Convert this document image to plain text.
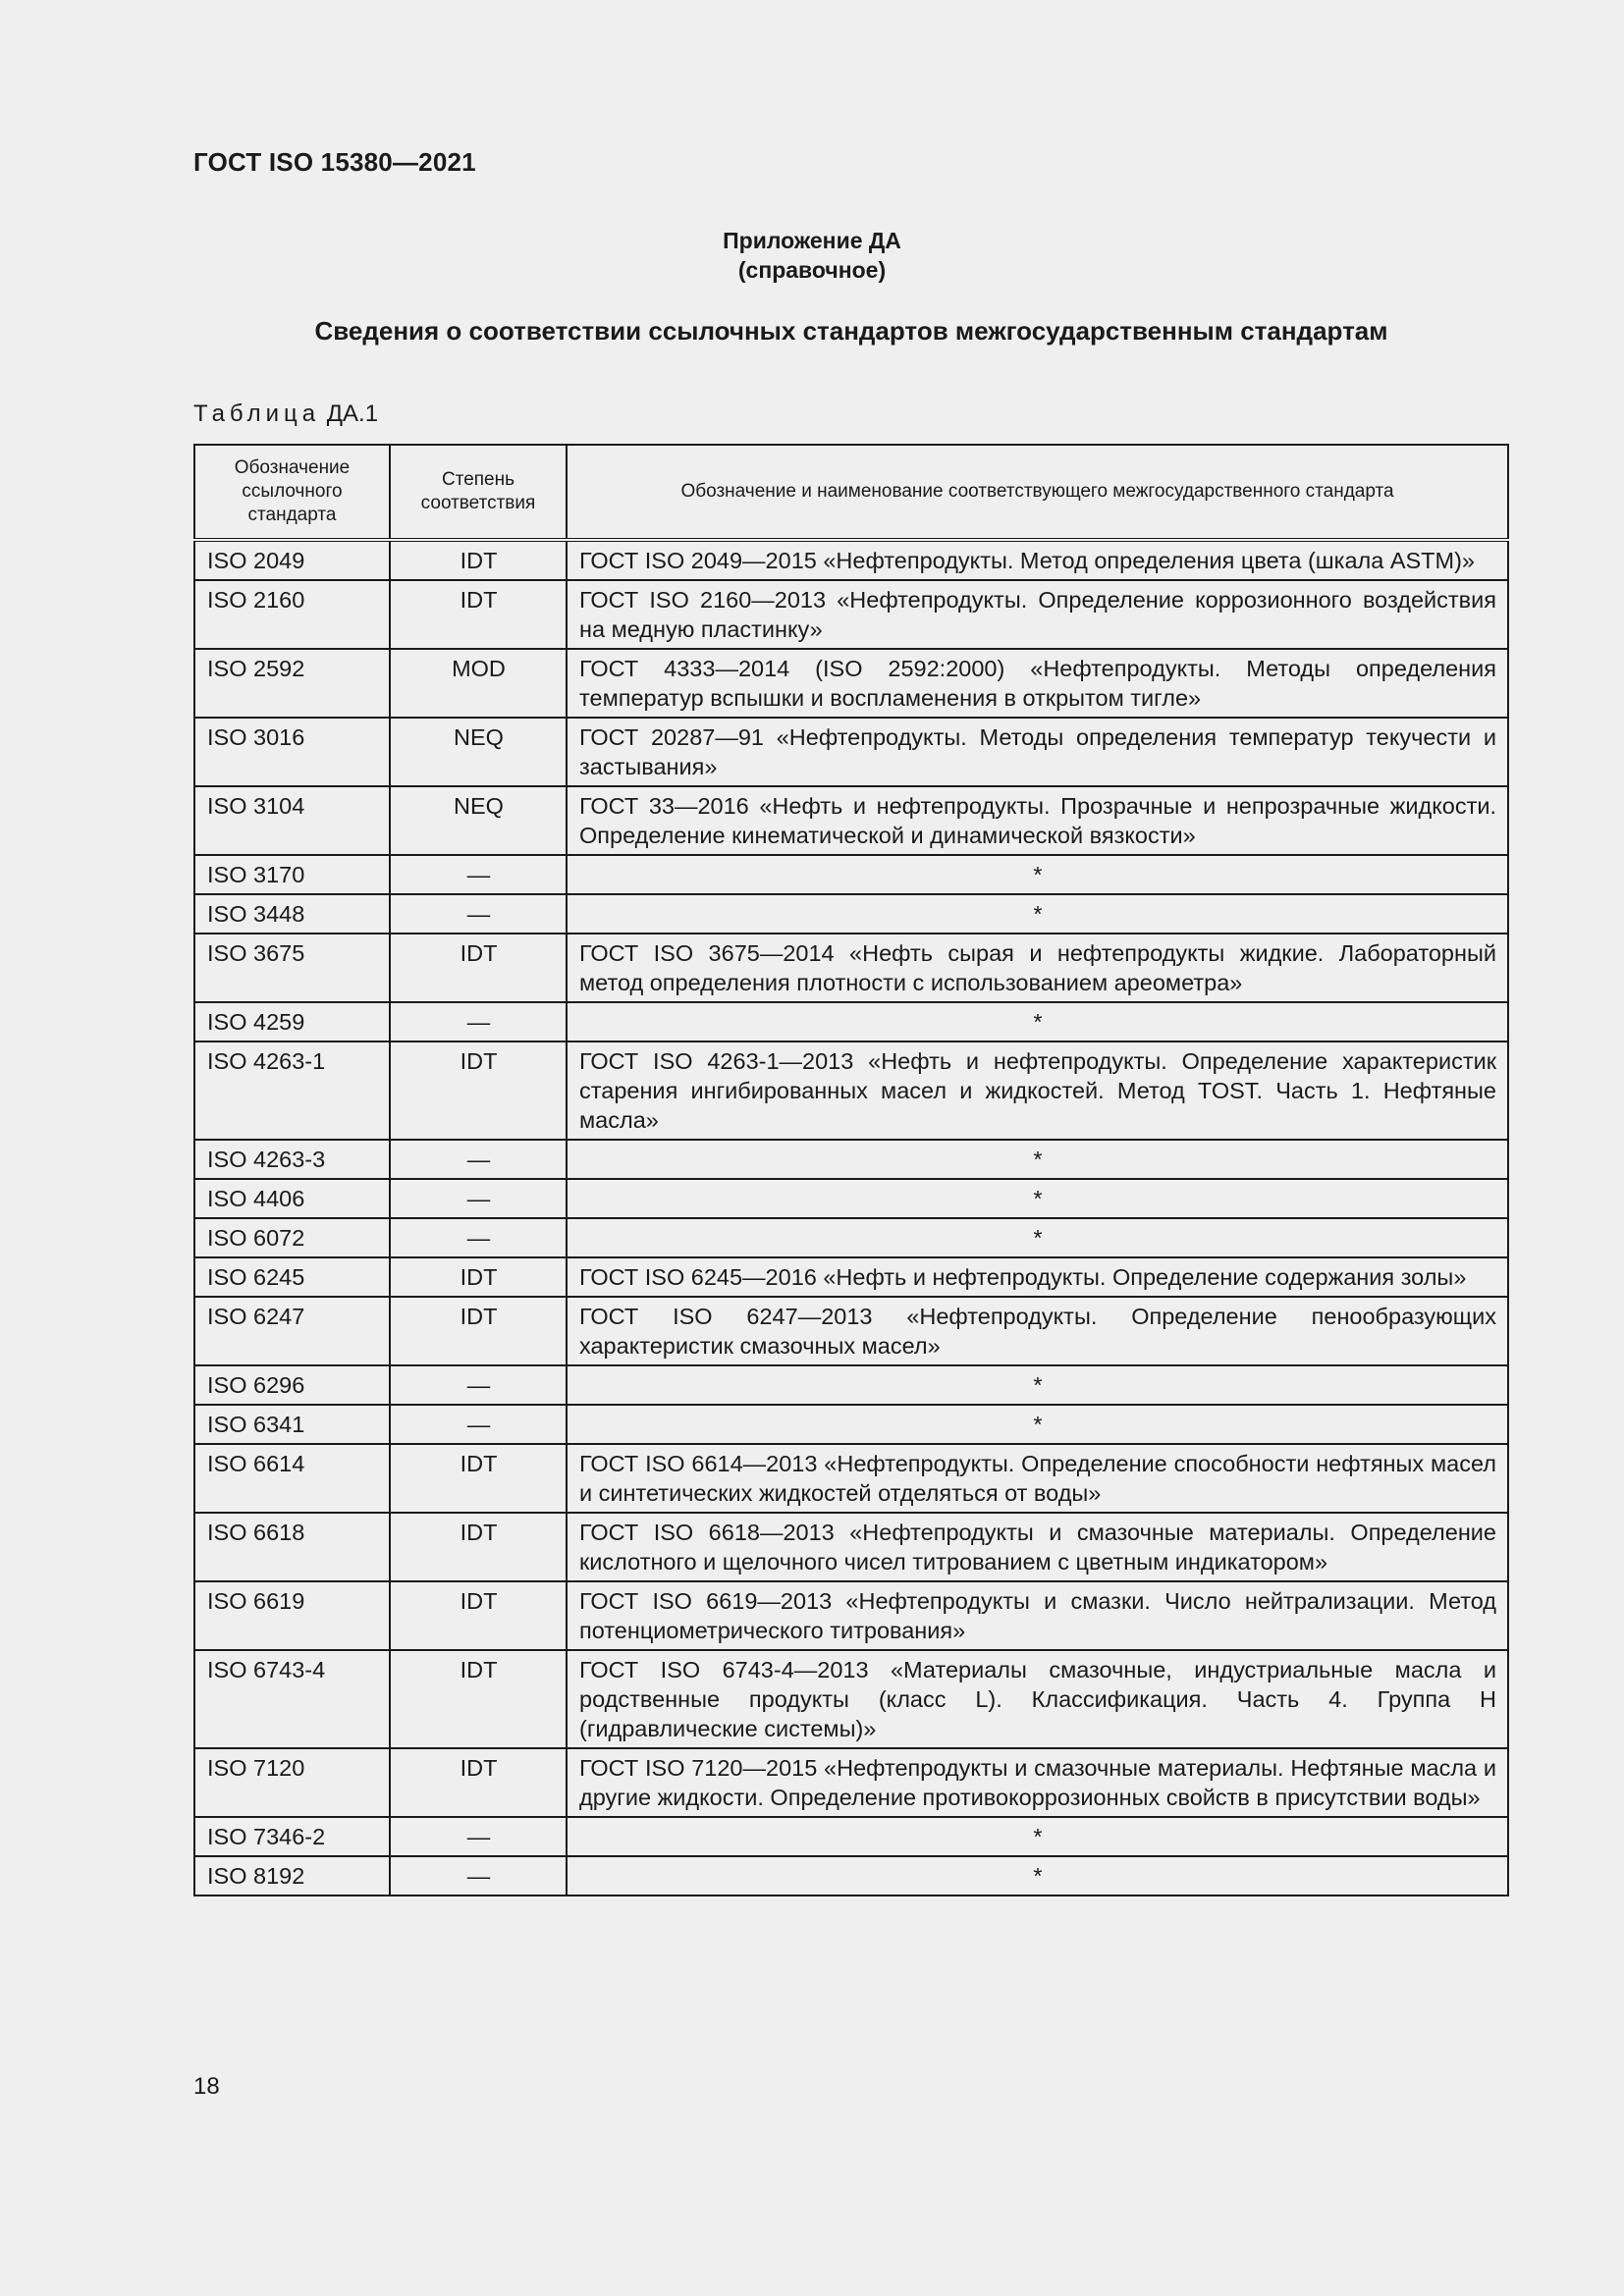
ГОСТ ISO 15380—2021
Приложение ДА
(справочное)
Сведения о соответствии ссылочных стандартов межгосударственным стандартам
Таблица ДА.1
Обозначение ссылочного стандарта	Степень соответствия	Обозначение и наименование соответствующего межгосударственного стандарта
ISO 2049	IDT	ГОСТ ISO 2049—2015 «Нефтепродукты. Метод определения цвета (шкала ASTM)»
ISO 2160	IDT	ГОСТ ISO 2160—2013 «Нефтепродукты. Определение коррозионного воздействия на медную пластинку»
ISO 2592	MOD	ГОСТ 4333—2014 (ISO 2592:2000) «Нефтепродукты. Методы определения температур вспышки и воспламенения в открытом тигле»
ISO 3016	NEQ	ГОСТ 20287—91 «Нефтепродукты. Методы определения температур текучести и застывания»
ISO 3104	NEQ	ГОСТ 33—2016 «Нефть и нефтепродукты. Прозрачные и непрозрачные жидкости. Определение кинематической и динамической вязкости»
ISO 3170	—	*
ISO 3448	—	*
ISO 3675	IDT	ГОСТ ISO 3675—2014 «Нефть сырая и нефтепродукты жидкие. Лабораторный метод определения плотности с использованием ареометра»
ISO 4259	—	*
ISO 4263-1	IDT	ГОСТ ISO 4263-1—2013 «Нефть и нефтепродукты. Определение характеристик старения ингибированных масел и жидкостей. Метод TOST. Часть 1. Нефтяные масла»
ISO 4263-3	—	*
ISO 4406	—	*
ISO 6072	—	*
ISO 6245	IDT	ГОСТ ISO 6245—2016 «Нефть и нефтепродукты. Определение содержания золы»
ISO 6247	IDT	ГОСТ ISO 6247—2013 «Нефтепродукты. Определение пенообразующих характеристик смазочных масел»
ISO 6296	—	*
ISO 6341	—	*
ISO 6614	IDT	ГОСТ ISO 6614—2013 «Нефтепродукты. Определение способности нефтяных масел и синтетических жидкостей отделяться от воды»
ISO 6618	IDT	ГОСТ ISO 6618—2013 «Нефтепродукты и смазочные материалы. Определение кислотного и щелочного чисел титрованием с цветным индикатором»
ISO 6619	IDT	ГОСТ ISO 6619—2013 «Нефтепродукты и смазки. Число нейтрализации. Метод потенциометрического титрования»
ISO 6743-4	IDT	ГОСТ ISO 6743-4—2013 «Материалы смазочные, индустриальные масла и родственные продукты (класс L). Классификация. Часть 4. Группа H (гидравлические системы)»
ISO 7120	IDT	ГОСТ ISO 7120—2015 «Нефтепродукты и смазочные материалы. Нефтяные масла и другие жидкости. Определение противокоррозионных свойств в присутствии воды»
ISO 7346-2	—	*
ISO 8192	—	*
18
